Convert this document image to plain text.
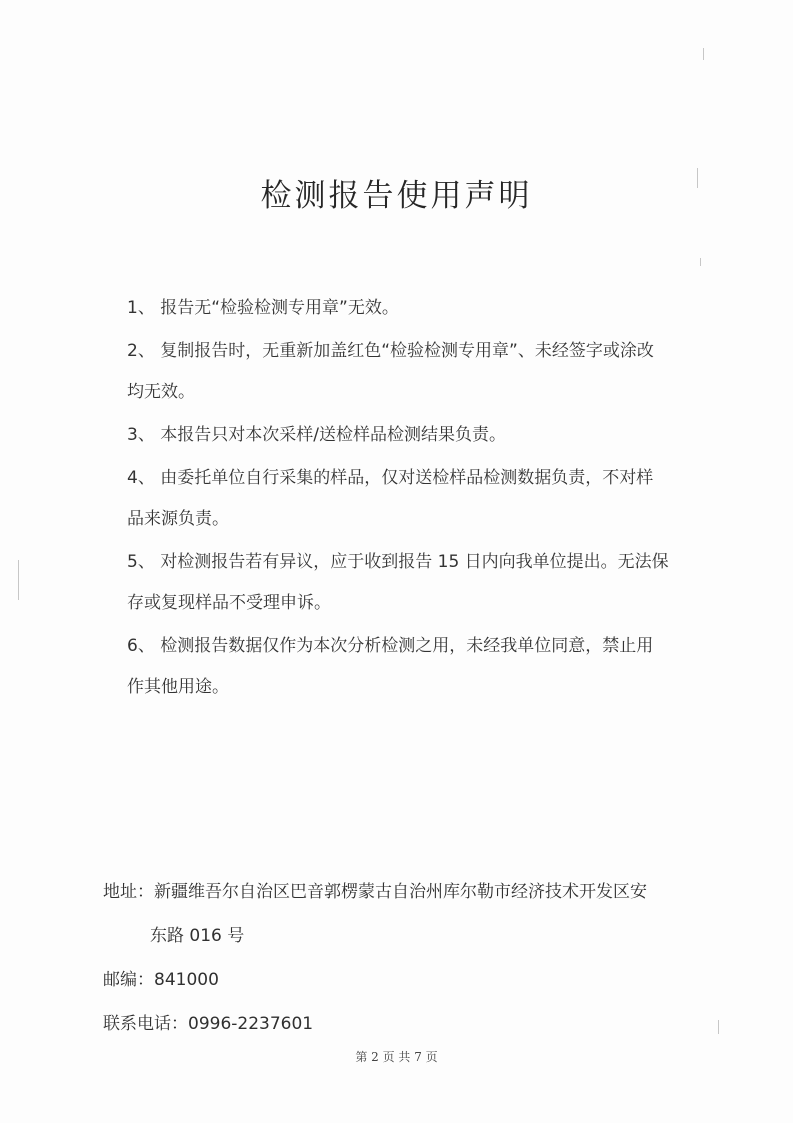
检测报告使用声明
1、 报告无“检验检测专用章”无效。
2、 复制报告时，无重新加盖红色“检验检测专用章”、未经签字或涂改
均无效。
3、 本报告只对本次采样/送检样品检测结果负责。
4、 由委托单位自行采集的样品，仅对送检样品检测数据负责，不对样
品来源负责。
5、 对检测报告若有异议，应于收到报告 15 日内向我单位提出。无法保
存或复现样品不受理申诉。
6、 检测报告数据仅作为本次分析检测之用，未经我单位同意，禁止用
作其他用途。
地址：新疆维吾尔自治区巴音郭楞蒙古自治州库尔勒市经济技术开发区安
东路 016 号
邮编：841000
联系电话：0996-2237601
第 2 页 共 7 页
